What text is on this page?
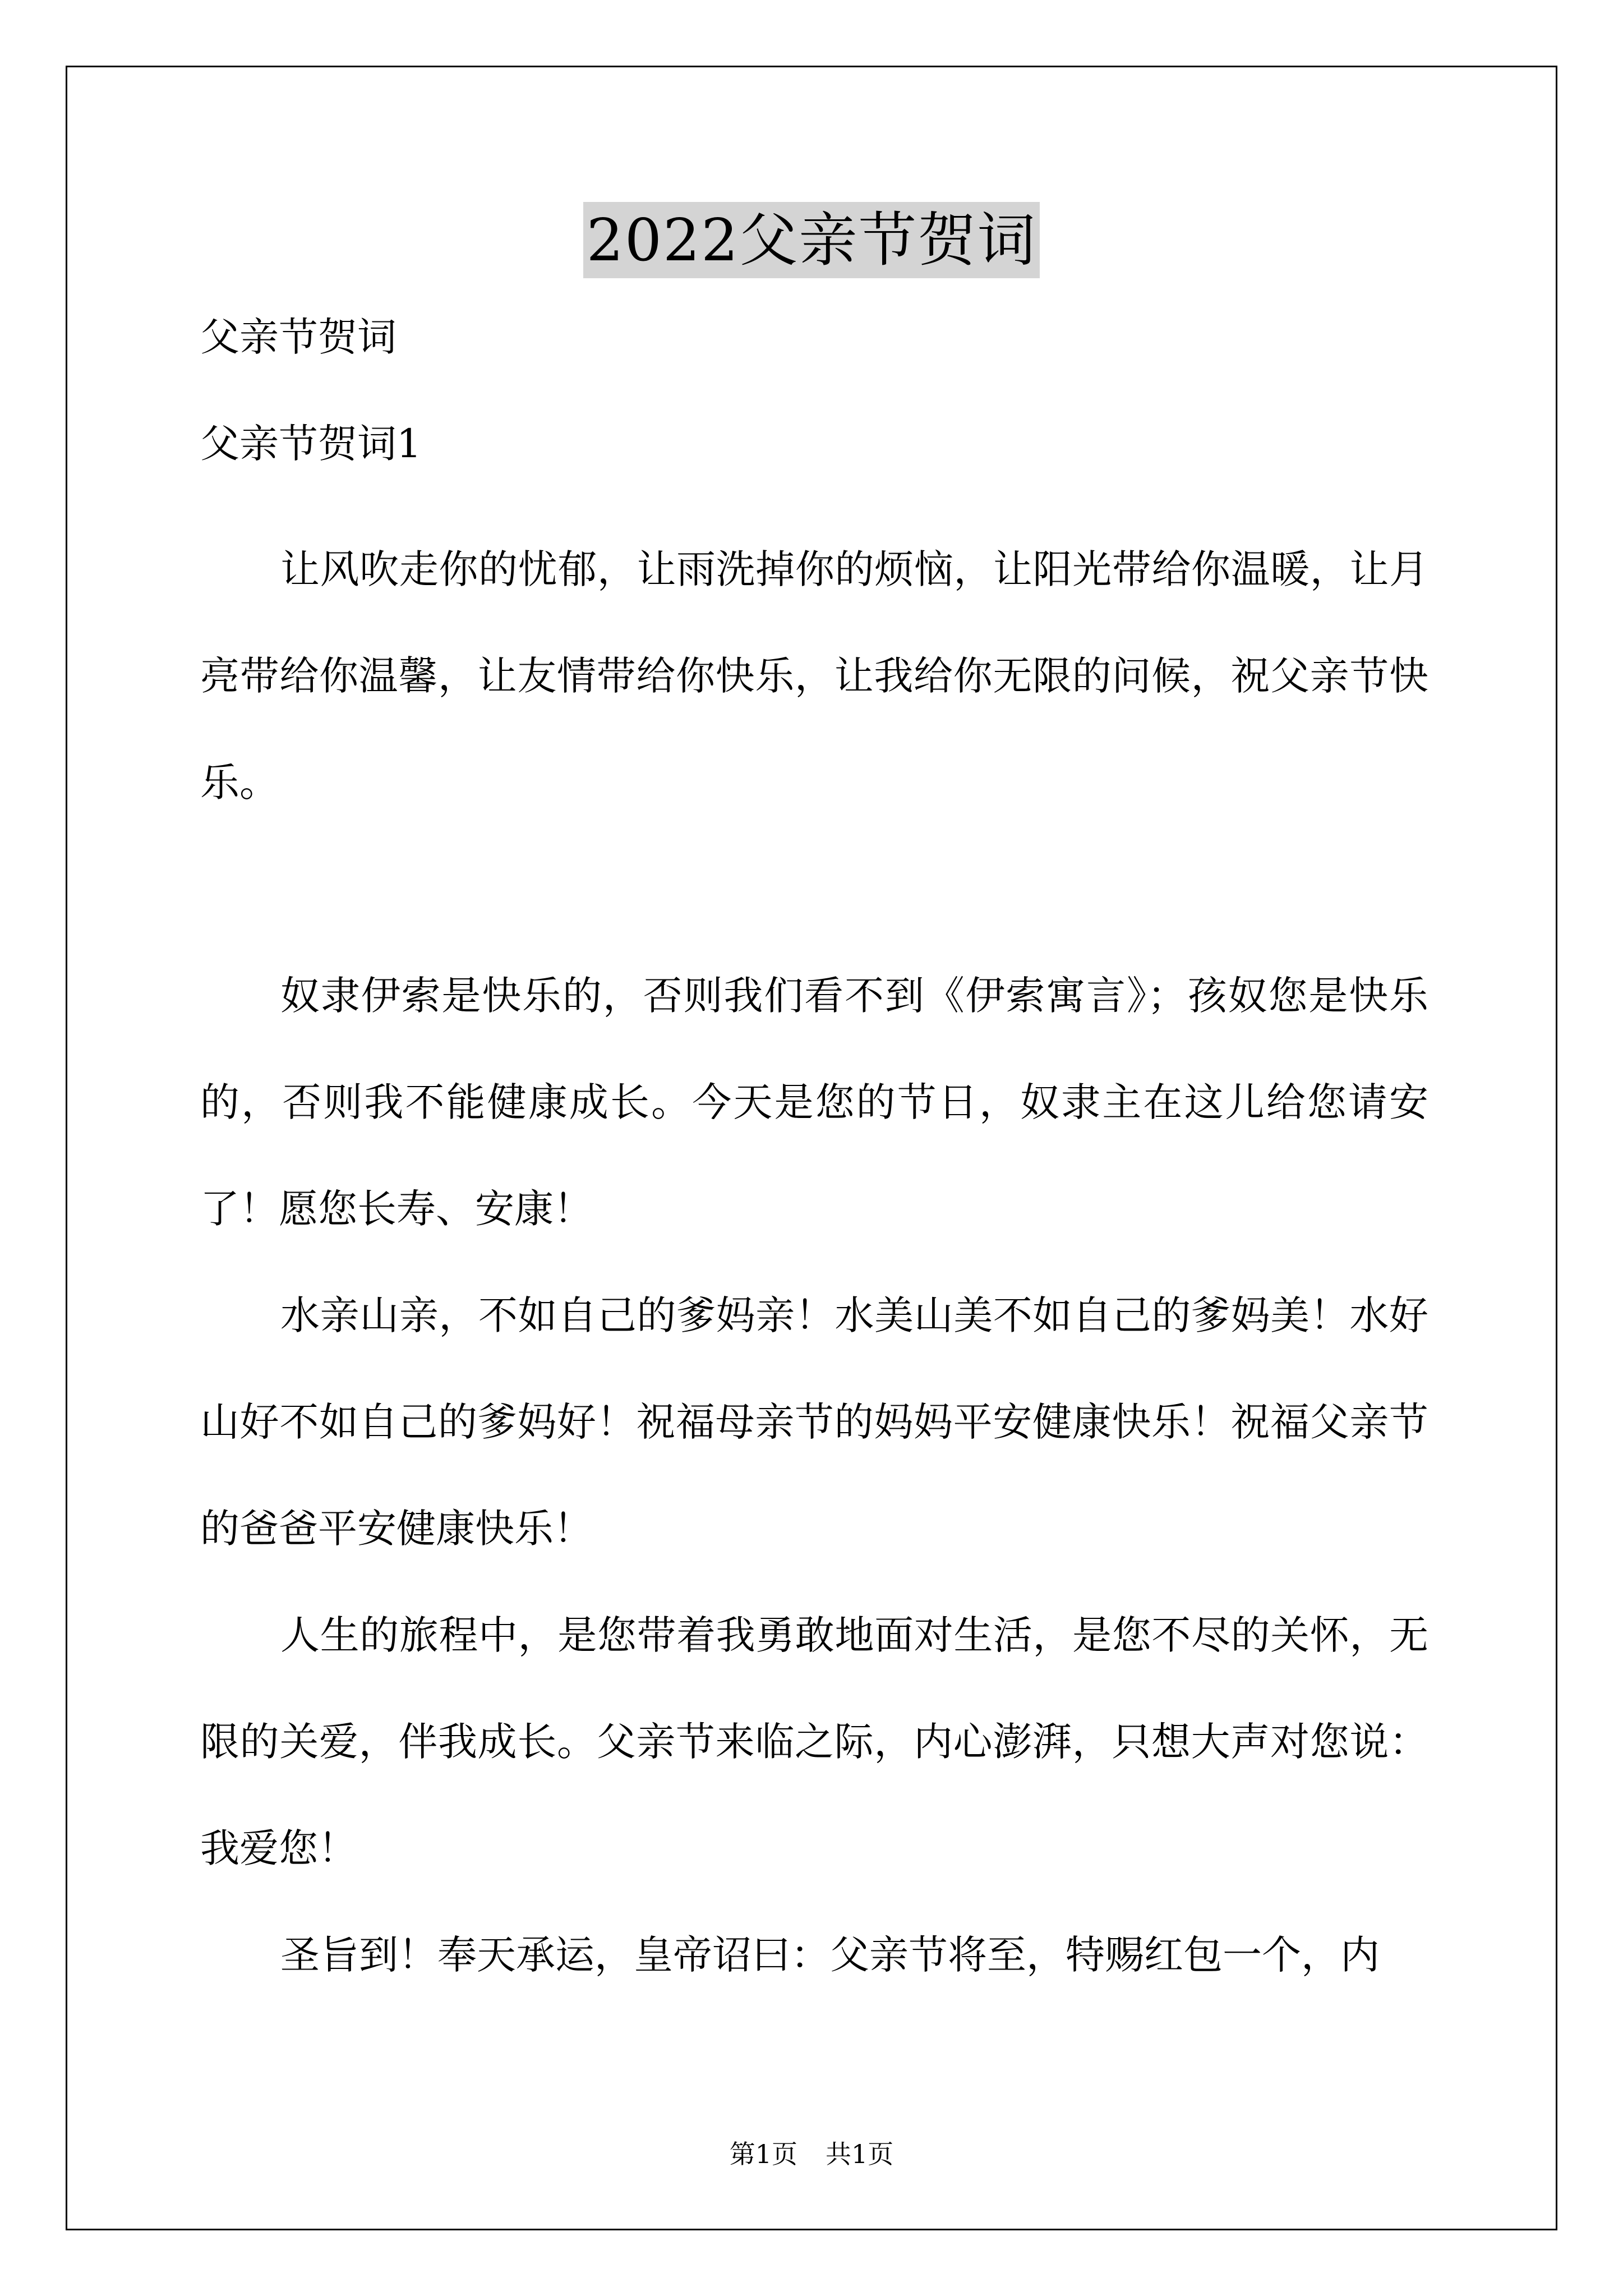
2022父亲节贺词
父亲节贺词
父亲节贺词1

让风吹走你的忧郁，让雨洗掉你的烦恼，让阳光带给你温暖，让月亮带给你温馨，让友情带给你快乐，让我给你无限的问候，祝父亲节快乐。

奴隶伊索是快乐的，否则我们看不到《伊索寓言》；孩奴您是快乐的，否则我不能健康成长。今天是您的节日，奴隶主在这儿给您请安了！愿您长寿、安康！

水亲山亲，不如自己的爹妈亲！水美山美不如自己的爹妈美！水好山好不如自己的爹妈好！祝福母亲节的妈妈平安健康快乐！祝福父亲节的爸爸平安健康快乐！

人生的旅程中，是您带着我勇敢地面对生活，是您不尽的关怀，无限的关爱，伴我成长。父亲节来临之际，内心澎湃，只想大声对您说：我爱您！

圣旨到！奉天承运，皇帝诏曰：父亲节将至，特赐红包一个，内

第1页 共1页
